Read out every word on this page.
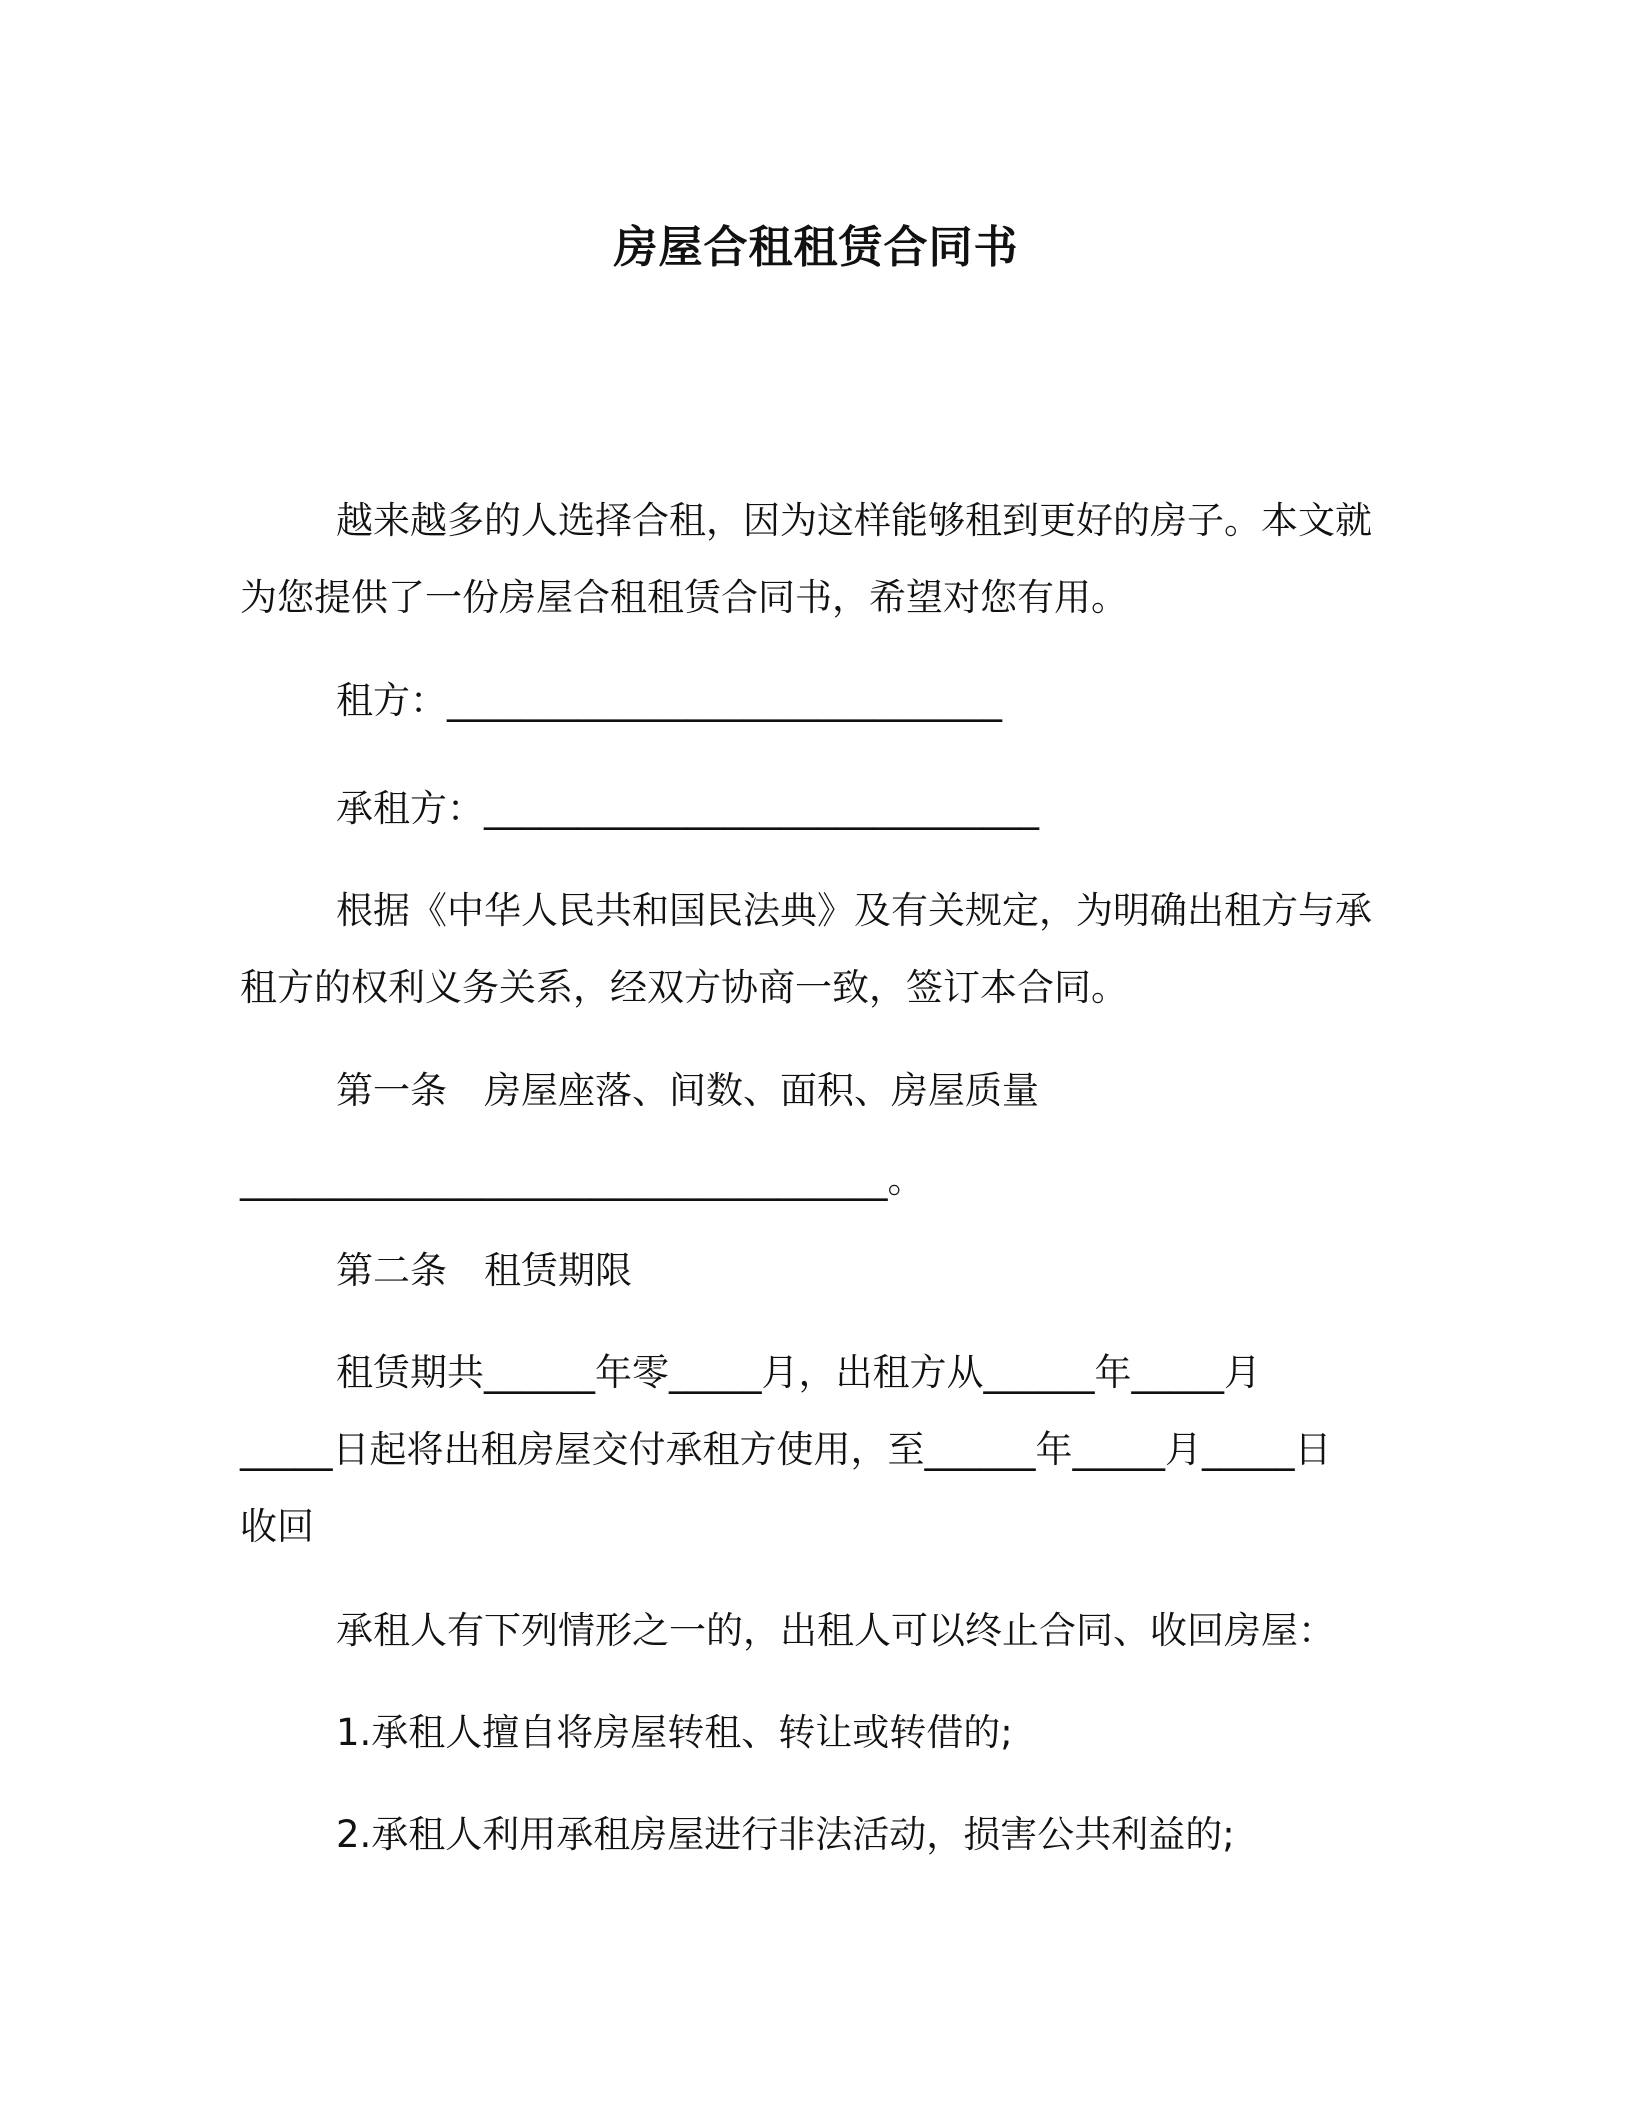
房屋合租租赁合同书
越来越多的人选择合租，因为这样能够租到更好的房子。本文就
为您提供了一份房屋合租租赁合同书，希望对您有用。
租方：______________________________
承租方：______________________________
根据《中华人民共和国民法典》及有关规定，为明确出租方与承
租方的权利义务关系，经双方协商一致，签订本合同。
第一条　房屋座落、间数、面积、房屋质量
___________________________________。
第二条　租赁期限
租赁期共______年零_____月，出租方从______年_____月
_____日起将出租房屋交付承租方使用，至______年_____月_____日
收回
承租人有下列情形之一的，出租人可以终止合同、收回房屋：
1.承租人擅自将房屋转租、转让或转借的;
2.承租人利用承租房屋进行非法活动，损害公共利益的;
